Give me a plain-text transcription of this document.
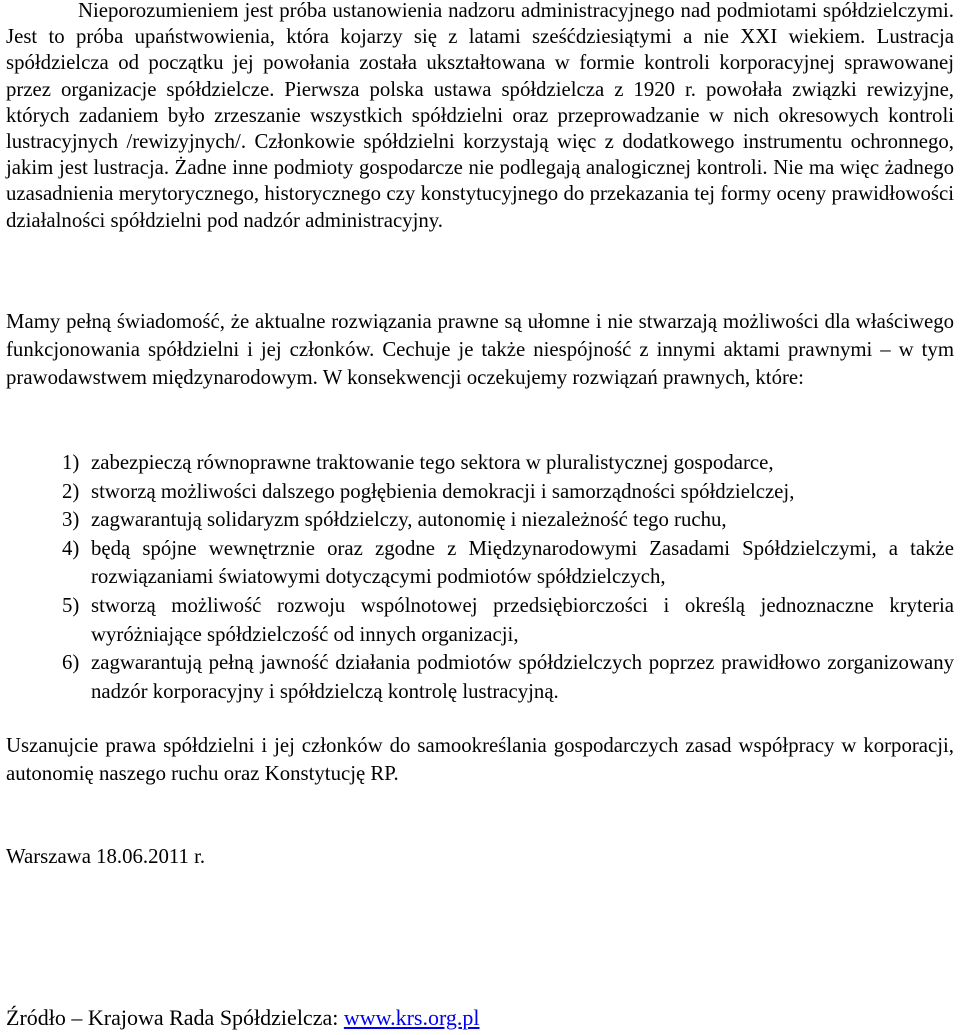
Nieporozumieniem jest próba ustanowienia nadzoru administracyjnego nad podmiotami spółdzielczymi. Jest to próba upaństwowienia, która kojarzy się z latami sześćdziesiątymi a nie XXI wiekiem. Lustracja spółdzielcza od początku jej powołania została ukształtowana w formie kontroli korporacyjnej sprawowanej przez organizacje spółdzielcze. Pierwsza polska ustawa spółdzielcza z 1920 r. powołała związki rewizyjne, których zadaniem było zrzeszanie wszystkich spółdzielni oraz przeprowadzanie w nich okresowych kontroli lustracyjnych /rewizyjnych/. Członkowie spółdzielni korzystają więc z dodatkowego instrumentu ochronnego, jakim jest lustracja. Żadne inne podmioty gospodarcze nie podlegają analogicznej kontroli. Nie ma więc żadnego uzasadnienia merytorycznego, historycznego czy konstytucyjnego do przekazania tej formy oceny prawidłowości działalności spółdzielni pod nadzór administracyjny.

Mamy pełną świadomość, że aktualne rozwiązania prawne są ułomne i nie stwarzają możliwości dla właściwego funkcjonowania spółdzielni i jej członków. Cechuje je także niespójność z innymi aktami prawnymi – w tym prawodawstwem międzynarodowym. W konsekwencji oczekujemy rozwiązań prawnych, które:

1) zabezpieczą równoprawne traktowanie tego sektora w pluralistycznej gospodarce,
2) stworzą możliwości dalszego pogłębienia demokracji i samorządności spółdzielczej,
3) zagwarantują solidaryzm spółdzielczy, autonomię i niezależność tego ruchu,
4) będą spójne wewnętrznie oraz zgodne z Międzynarodowymi Zasadami Spółdzielczymi, a także rozwiązaniami światowymi dotyczącymi podmiotów spółdzielczych,
5) stworzą możliwość rozwoju wspólnotowej przedsiębiorczości i określą jednoznaczne kryteria wyróżniające spółdzielczość od innych organizacji,
6) zagwarantują pełną jawność działania podmiotów spółdzielczych poprzez prawidłowo zorganizowany nadzór korporacyjny i spółdzielczą kontrolę lustracyjną.

Uszanujcie prawa spółdzielni i jej członków do samookreślania gospodarczych zasad współpracy w korporacji, autonomię naszego ruchu oraz Konstytucję RP.

Warszawa 18.06.2011 r.

Źródło – Krajowa Rada Spółdzielcza: www.krs.org.pl
